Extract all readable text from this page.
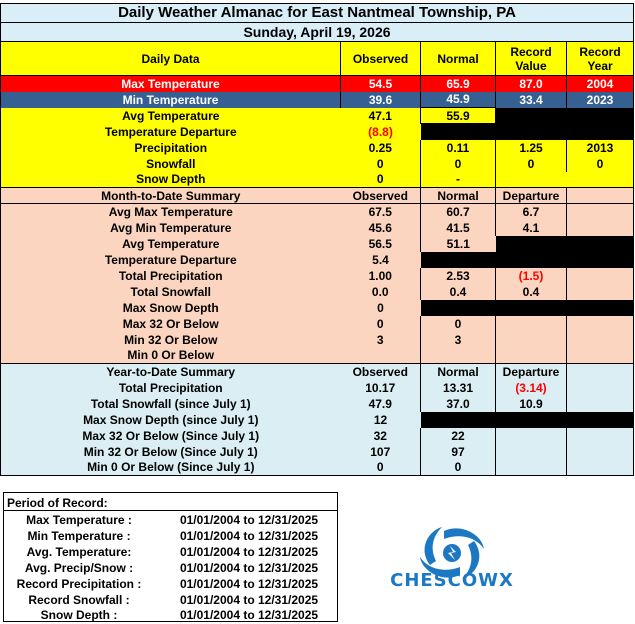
Daily Weather Almanac for East Nantmeal Township, PA				
Sunday, April 19, 2026				
Daily Data	Observed	Normal	Record Value	Record Year
Max Temperature	54.5	65.9	87.0	2004
Min Temperature	39.6	45.9	33.4	2023
Avg Temperature	47.1	55.9		
Temperature Departure	(8.8)			
Precipitation	0.25	0.11	1.25	2013
Snowfall	0	0	0	0
Snow Depth	0	-		
Month-to-Date Summary	Observed	Normal	Departure	
Avg Max Temperature	67.5	60.7	6.7	
Avg Min Temperature	45.6	41.5	4.1	
Avg Temperature	56.5	51.1		
Temperature Departure	5.4			
Total Precipitation	1.00	2.53	(1.5)	
Total Snowfall	0.0	0.4	0.4	
Max Snow Depth	0			
Max 32 Or Below	0	0		
Min 32 Or Below	3	3		
Min 0 Or Below				
Year-to-Date Summary	Observed	Normal	Departure	
Total Precipitation	10.17	13.31	(3.14)	
Total Snowfall (since July 1)	47.9	37.0	10.9	
Max Snow Depth (since July 1)	12			
Max 32 Or Below (Since July 1)	32	22		
Min 32 Or Below (Since July 1)	107	97		
Min 0 Or Below (Since July 1)	0	0		
Period of Record:
Max Temperature :	01/01/2004 to 12/31/2025
Min Temperature :	01/01/2004 to 12/31/2025
Avg. Temperature:	01/01/2004 to 12/31/2025
Avg. Precip/Snow :	01/01/2004 to 12/31/2025
Record Precipitation :	01/01/2004 to 12/31/2025
Record Snowfall :	01/01/2004 to 12/31/2025
Snow Depth :	01/01/2004 to 12/31/2025
CHESCOWX
